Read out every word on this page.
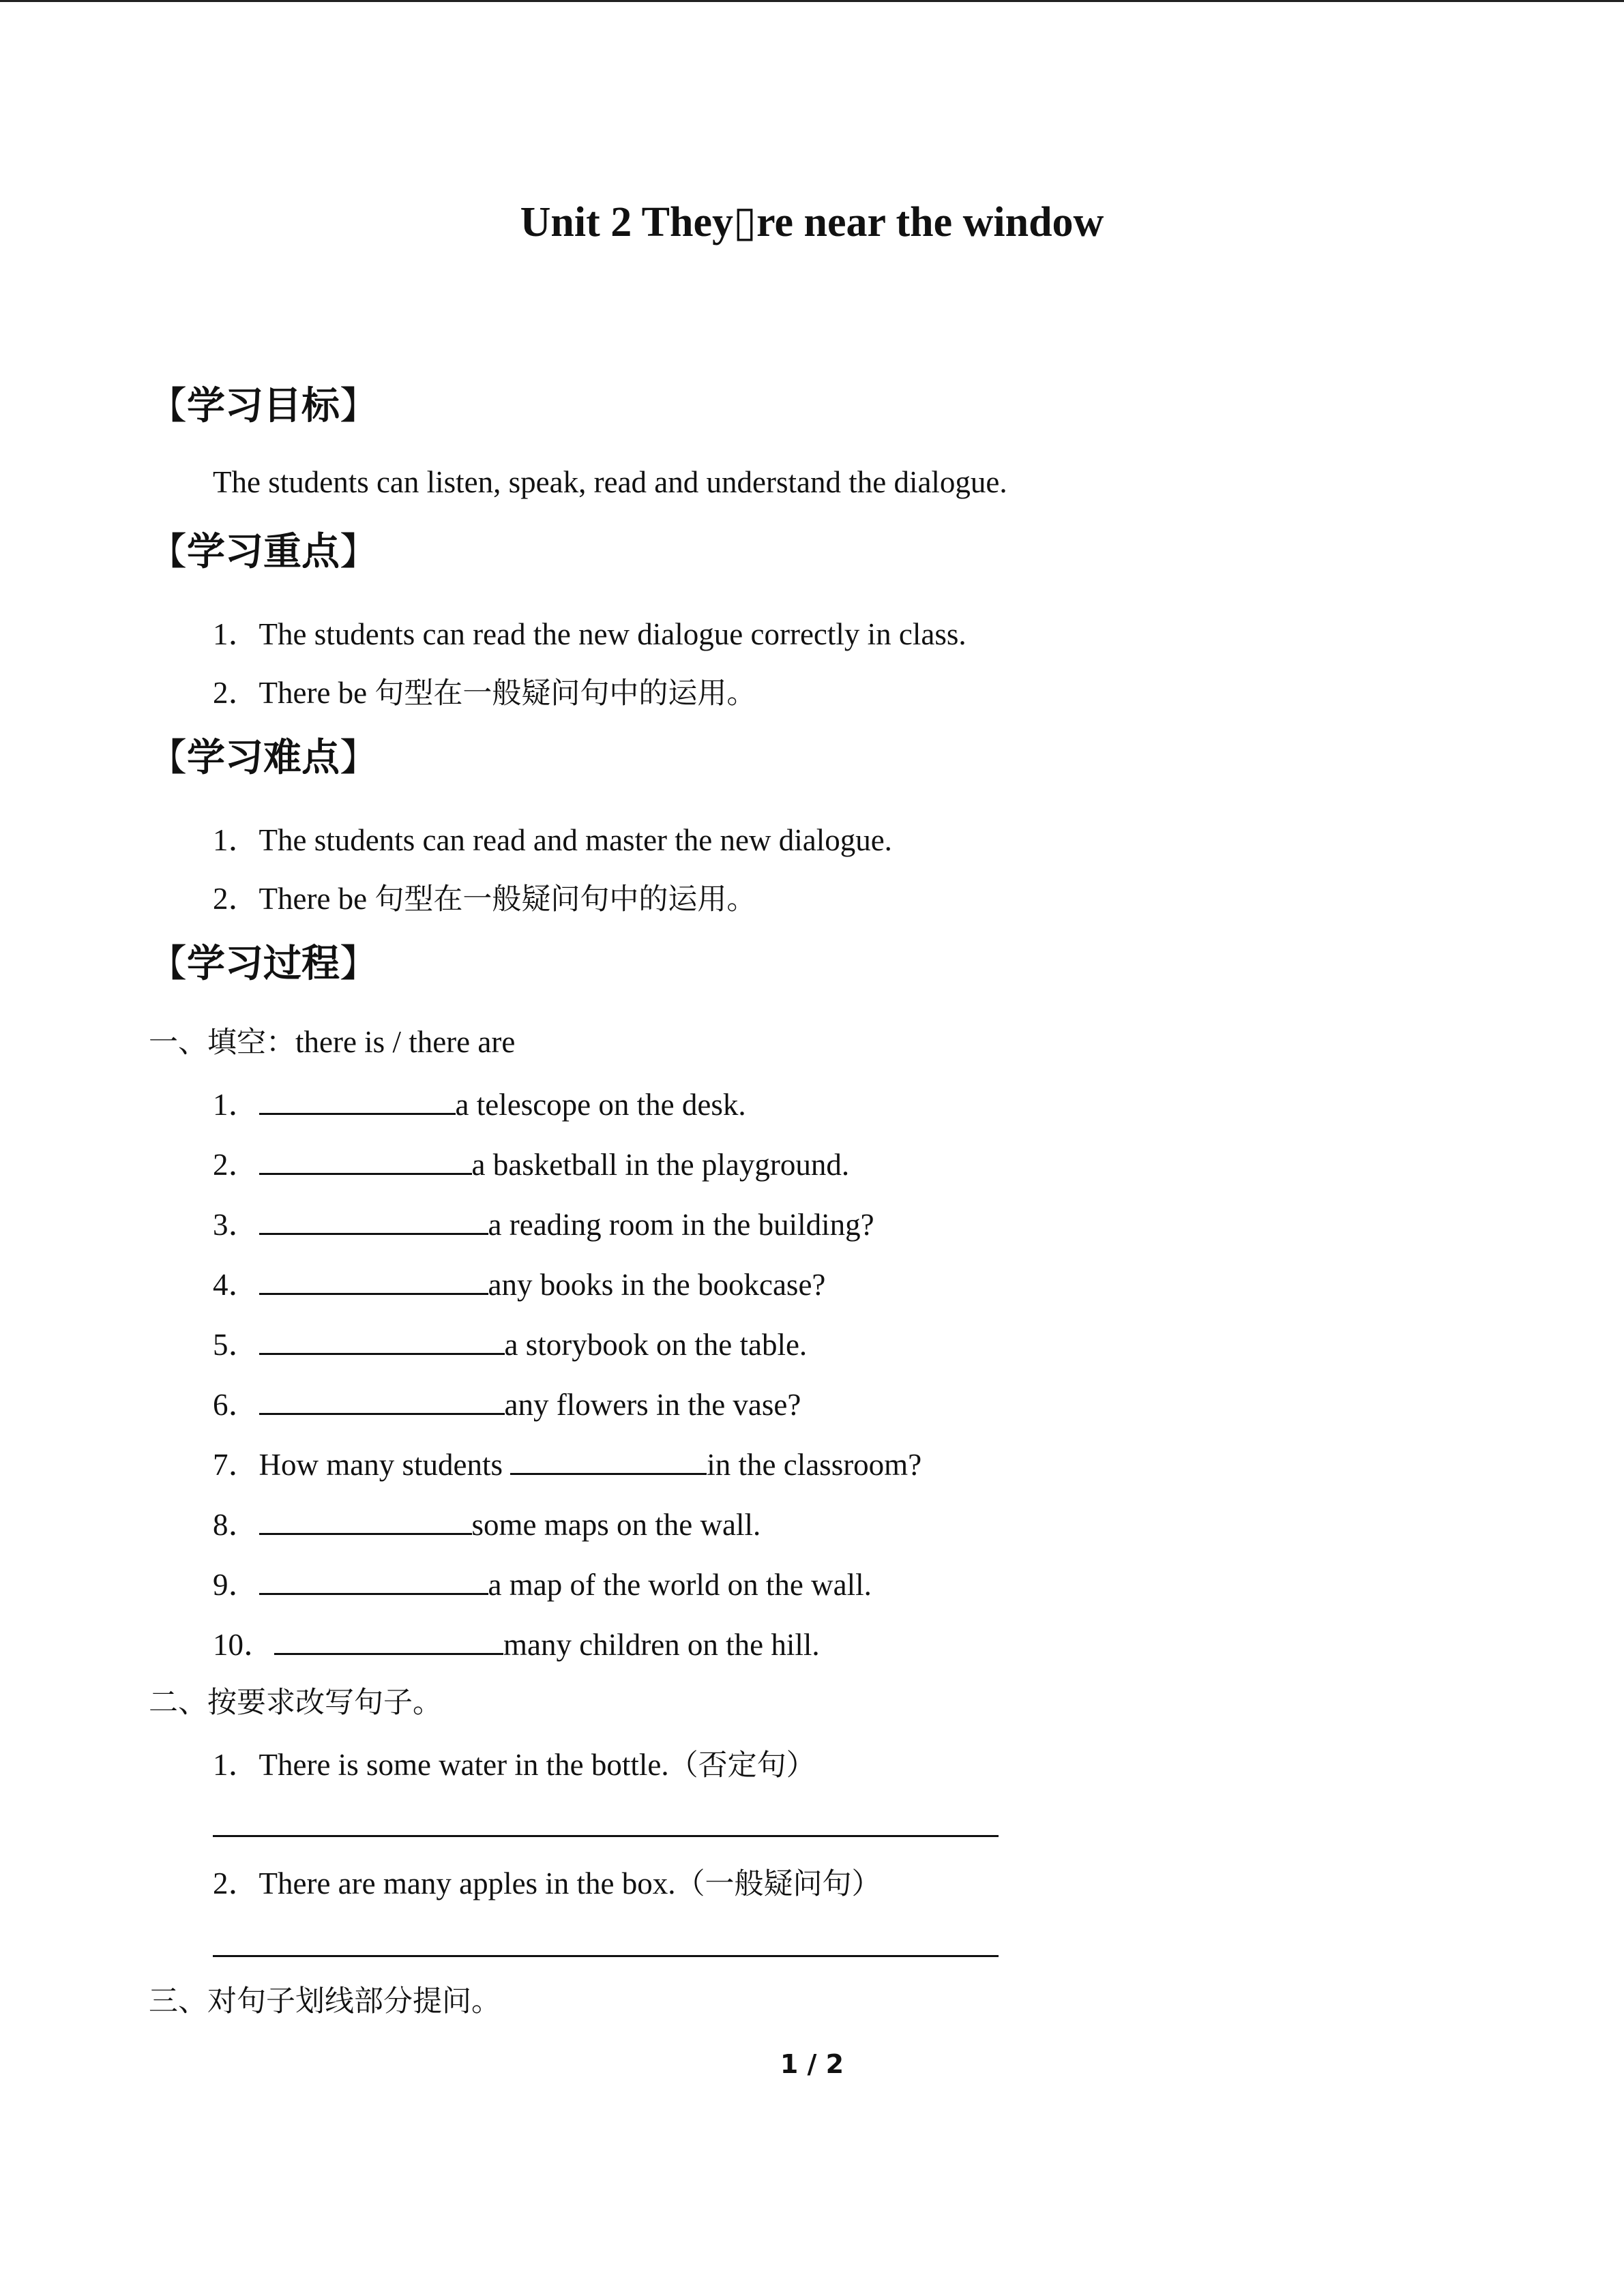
Unit 2 They▯re near the window
【学习目标】
The students can listen, speak, read and understand the dialogue.
【学习重点】
1．The students can read the new dialogue correctly in class.
2．There be 句型在一般疑问句中的运用。
【学习难点】
1．The students can read and master the new dialogue.
2．There be 句型在一般疑问句中的运用。
【学习过程】
一、填空：there is / there are
1．	a telescope on the desk.
2．	a basketball in the playground.
3．	a reading room in the building?
4．	any books in the bookcase?
5．	a storybook on the table.
6．	any flowers in the vase?
7．How many students	in the classroom?
8．	some maps on the wall.
9．	a map of the world on the wall.
10．	many children on the hill.
二、按要求改写句子。
1．There is some water in the bottle.（否定句）
2．There are many apples in the box.（一般疑问句）
三、对句子划线部分提问。
1 / 2
